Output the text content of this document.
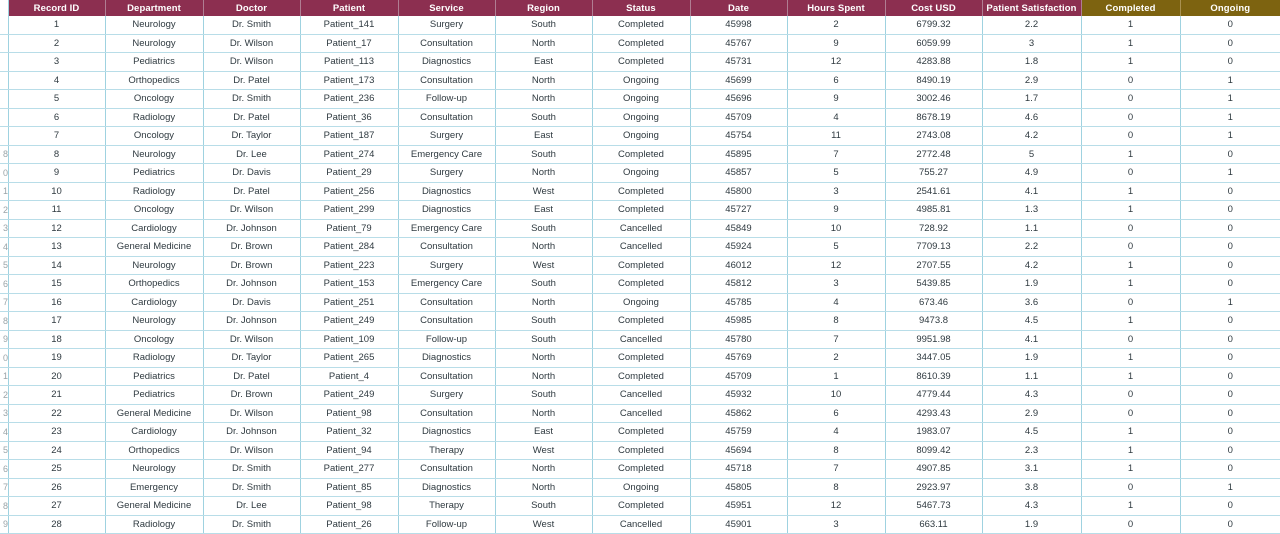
	Record ID	Department	Doctor	Patient	Service	Region	Status	Date	Hours Spent	Cost USD	Patient Satisfaction	Completed	Ongoing
	1	Neurology	Dr. Smith	Patient_141	Surgery	South	Completed	45998	2	6799.32	2.2	1	0
	2	Neurology	Dr. Wilson	Patient_17	Consultation	North	Completed	45767	9	6059.99	3	1	0
	3	Pediatrics	Dr. Wilson	Patient_113	Diagnostics	East	Completed	45731	12	4283.88	1.8	1	0
	4	Orthopedics	Dr. Patel	Patient_173	Consultation	North	Ongoing	45699	6	8490.19	2.9	0	1
	5	Oncology	Dr. Smith	Patient_236	Follow-up	North	Ongoing	45696	9	3002.46	1.7	0	1
	6	Radiology	Dr. Patel	Patient_36	Consultation	South	Ongoing	45709	4	8678.19	4.6	0	1
	7	Oncology	Dr. Taylor	Patient_187	Surgery	East	Ongoing	45754	11	2743.08	4.2	0	1
8	8	Neurology	Dr. Lee	Patient_274	Emergency Care	South	Completed	45895	7	2772.48	5	1	0
0	9	Pediatrics	Dr. Davis	Patient_29	Surgery	North	Ongoing	45857	5	755.27	4.9	0	1
1	10	Radiology	Dr. Patel	Patient_256	Diagnostics	West	Completed	45800	3	2541.61	4.1	1	0
2	11	Oncology	Dr. Wilson	Patient_299	Diagnostics	East	Completed	45727	9	4985.81	1.3	1	0
3	12	Cardiology	Dr. Johnson	Patient_79	Emergency Care	South	Cancelled	45849	10	728.92	1.1	0	0
4	13	General Medicine	Dr. Brown	Patient_284	Consultation	North	Cancelled	45924	5	7709.13	2.2	0	0
5	14	Neurology	Dr. Brown	Patient_223	Surgery	West	Completed	46012	12	2707.55	4.2	1	0
6	15	Orthopedics	Dr. Johnson	Patient_153	Emergency Care	South	Completed	45812	3	5439.85	1.9	1	0
7	16	Cardiology	Dr. Davis	Patient_251	Consultation	North	Ongoing	45785	4	673.46	3.6	0	1
8	17	Neurology	Dr. Johnson	Patient_249	Consultation	South	Completed	45985	8	9473.8	4.5	1	0
9	18	Oncology	Dr. Wilson	Patient_109	Follow-up	South	Cancelled	45780	7	9951.98	4.1	0	0
0	19	Radiology	Dr. Taylor	Patient_265	Diagnostics	North	Completed	45769	2	3447.05	1.9	1	0
1	20	Pediatrics	Dr. Patel	Patient_4	Consultation	North	Completed	45709	1	8610.39	1.1	1	0
2	21	Pediatrics	Dr. Brown	Patient_249	Surgery	South	Cancelled	45932	10	4779.44	4.3	0	0
3	22	General Medicine	Dr. Wilson	Patient_98	Consultation	North	Cancelled	45862	6	4293.43	2.9	0	0
4	23	Cardiology	Dr. Johnson	Patient_32	Diagnostics	East	Completed	45759	4	1983.07	4.5	1	0
5	24	Orthopedics	Dr. Wilson	Patient_94	Therapy	West	Completed	45694	8	8099.42	2.3	1	0
6	25	Neurology	Dr. Smith	Patient_277	Consultation	North	Completed	45718	7	4907.85	3.1	1	0
7	26	Emergency	Dr. Smith	Patient_85	Diagnostics	North	Ongoing	45805	8	2923.97	3.8	0	1
8	27	General Medicine	Dr. Lee	Patient_98	Therapy	South	Completed	45951	12	5467.73	4.3	1	0
9	28	Radiology	Dr. Smith	Patient_26	Follow-up	West	Cancelled	45901	3	663.11	1.9	0	0
